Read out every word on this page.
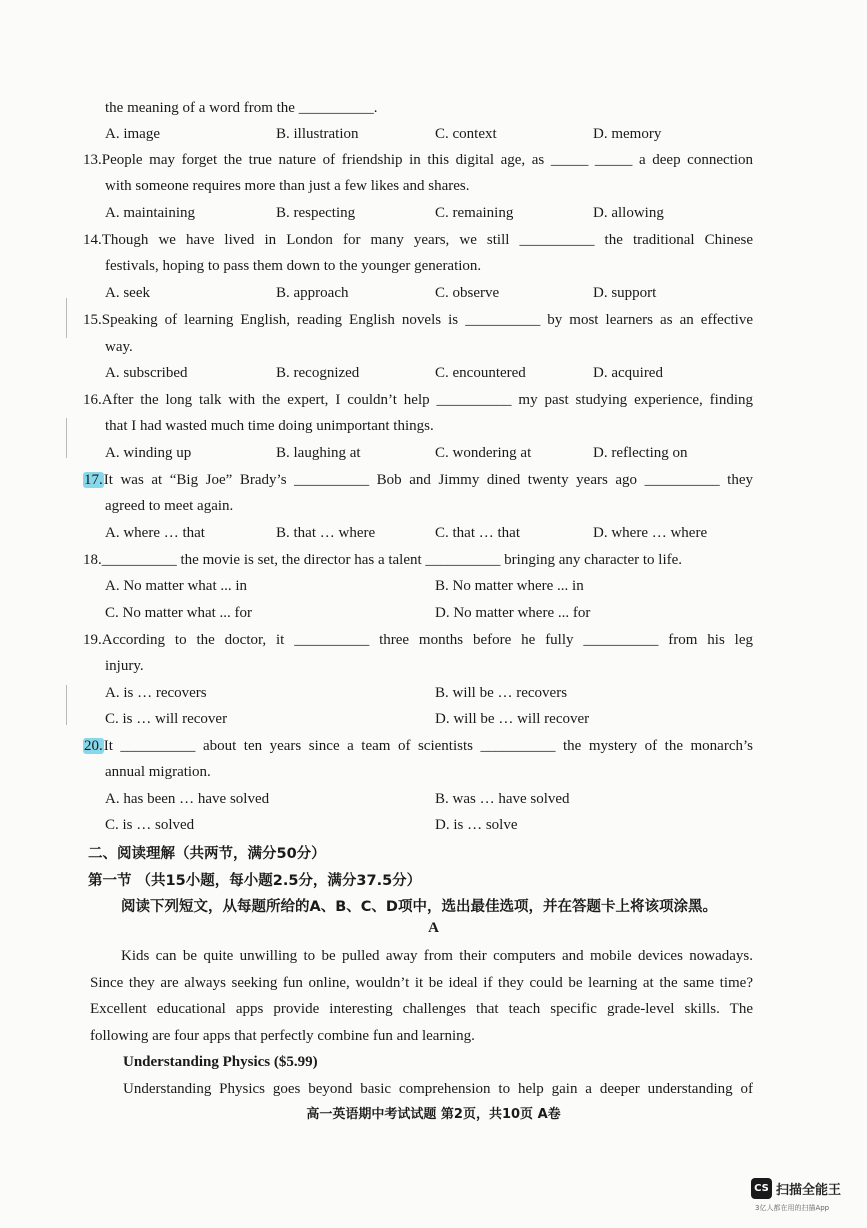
the meaning of a word from the __________.
A. image	B. illustration	C. context	D. memory
13.People may forget the true nature of friendship in this digital age, as _____ _____ a deep connection
with someone requires more than just a few likes and shares.
A. maintaining	B. respecting	C. remaining	D. allowing
14.Though we have lived in London for many years, we still __________ the traditional Chinese
festivals, hoping to pass them down to the younger generation.
A. seek	B. approach	C. observe	D. support
15.Speaking of learning English, reading English novels is __________ by most learners as an effective
way.
A. subscribed	B. recognized	C. encountered	D. acquired
16.After the long talk with the expert, I couldn’t help __________ my past studying experience, finding
that I had wasted much time doing unimportant things.
A. winding up	B. laughing at	C. wondering at	D. reflecting on
17.It was at “Big Joe” Brady’s __________ Bob and Jimmy dined twenty years ago __________ they
agreed to meet again.
A. where … that	B. that … where	C. that … that	D. where … where
18.__________ the movie is set, the director has a talent __________ bringing any character to life.
A. No matter what ... in	B. No matter where ... in
C. No matter what ... for	D. No matter where ... for
19.According to the doctor, it __________ three months before he fully __________ from his leg
injury.
A. is … recovers	B. will be … recovers
C. is … will recover	D. will be … will recover
20.It __________ about ten years since a team of scientists __________ the mystery of the monarch’s
annual migration.
A. has been … have solved	B. was … have solved
C. is … solved	D. is … solve
二、阅读理解（共两节，满分50分）
第一节 （共15小题，每小题2.5分，满分37.5分）
阅读下列短文，从每题所给的A、B、C、D项中，选出最佳选项，并在答题卡上将该项涂黑。
A
Kids can be quite unwilling to be pulled away from their computers and mobile devices nowadays.
Since they are always seeking fun online, wouldn’t it be ideal if they could be learning at the same time?
Excellent educational apps provide interesting challenges that teach specific grade-level skills. The
following are four apps that perfectly combine fun and learning.
Understanding Physics ($5.99)
Understanding Physics goes beyond basic comprehension to help gain a deeper understanding of
高一英语期中考试试题 第2页，共10页 A卷
CS 扫描全能王
3亿人都在用的扫描App
